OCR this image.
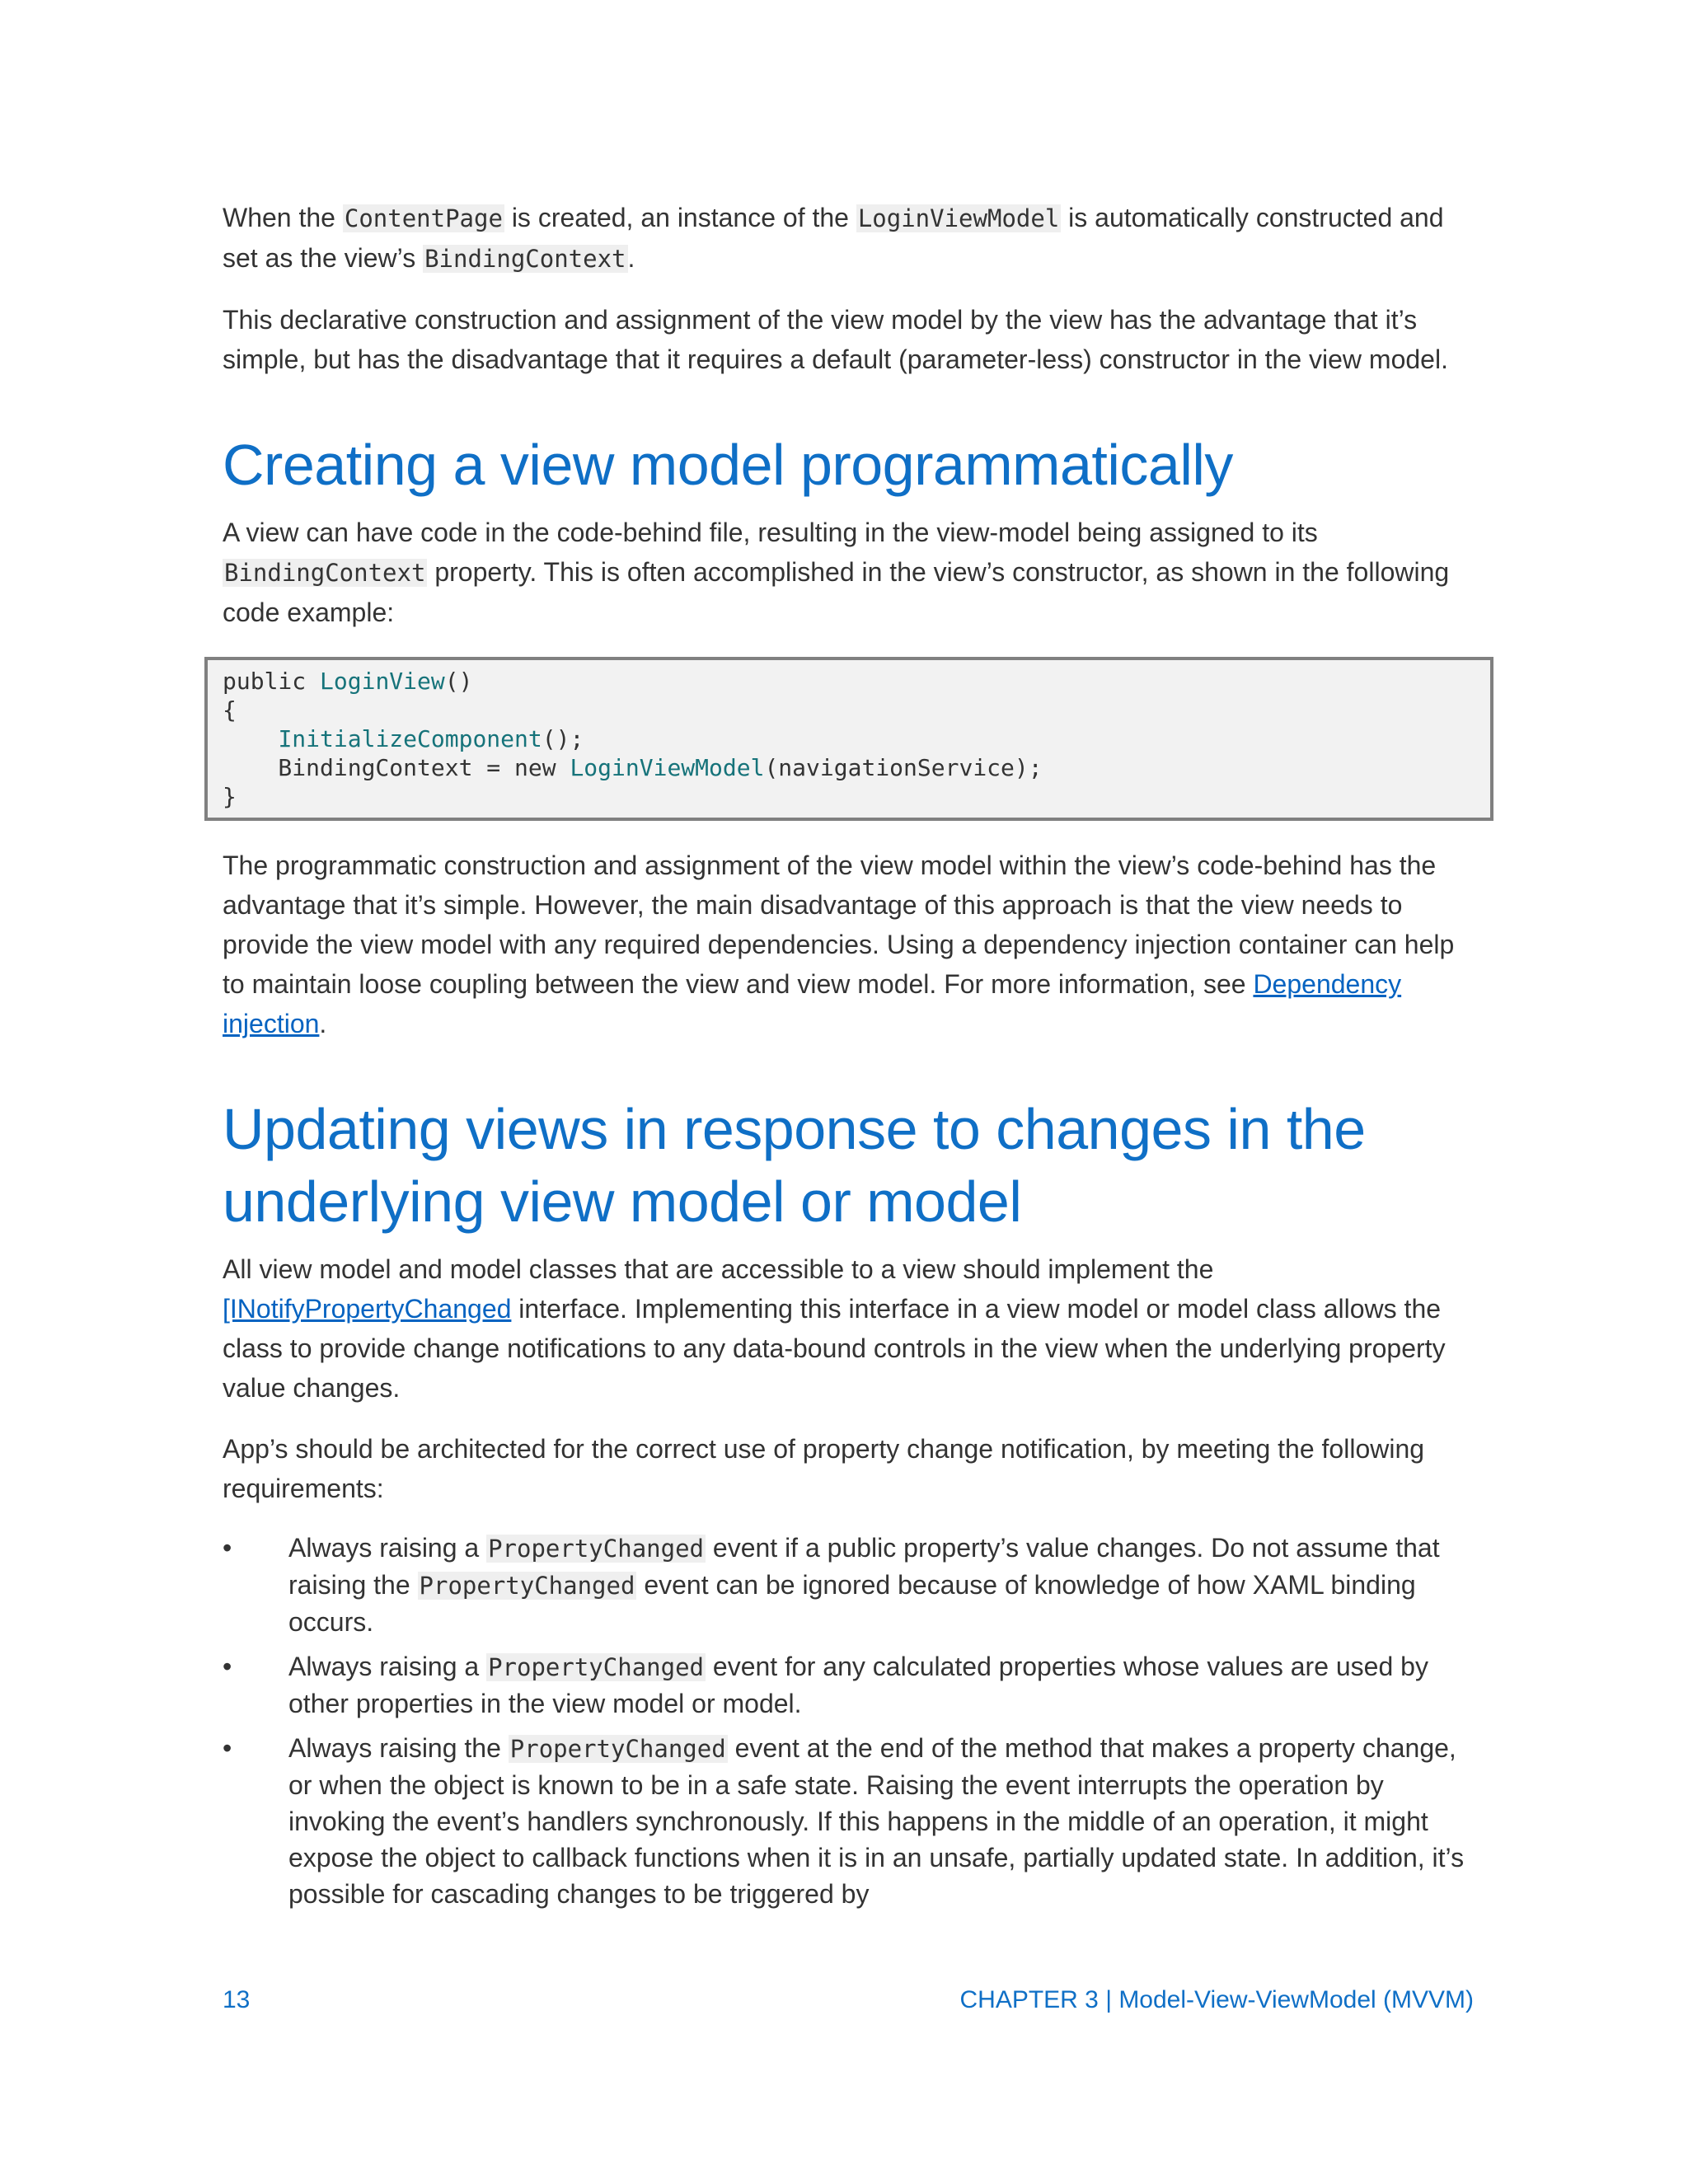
When the ContentPage is created, an instance of the LoginViewModel is automatically constructed and set as the view’s BindingContext.

This declarative construction and assignment of the view model by the view has the advantage that it’s simple, but has the disadvantage that it requires a default (parameter-less) constructor in the view model.

Creating a view model programmatically

A view can have code in the code-behind file, resulting in the view-model being assigned to its BindingContext property. This is often accomplished in the view’s constructor, as shown in the following code example:

public LoginView()
{
InitializeComponent();
BindingContext = new LoginViewModel(navigationService);
}

The programmatic construction and assignment of the view model within the view’s code-behind has the advantage that it’s simple. However, the main disadvantage of this approach is that the view needs to provide the view model with any required dependencies. Using a dependency injection container can help to maintain loose coupling between the view and view model. For more information, see Dependency injection.

Updating views in response to changes in the underlying view model or model

All view model and model classes that are accessible to a view should implement the [INotifyPropertyChanged interface. Implementing this interface in a view model or model class allows the class to provide change notifications to any data-bound controls in the view when the underlying property value changes.

App’s should be architected for the correct use of property change notification, by meeting the following requirements:

• Always raising a PropertyChanged event if a public property’s value changes. Do not assume that raising the PropertyChanged event can be ignored because of knowledge of how XAML binding occurs.
• Always raising a PropertyChanged event for any calculated properties whose values are used by other properties in the view model or model.
• Always raising the PropertyChanged event at the end of the method that makes a property change, or when the object is known to be in a safe state. Raising the event interrupts the operation by invoking the event’s handlers synchronously. If this happens in the middle of an operation, it might expose the object to callback functions when it is in an unsafe, partially updated state. In addition, it’s possible for cascading changes to be triggered by
13	CHAPTER 3 | Model-View-ViewModel (MVVM)
